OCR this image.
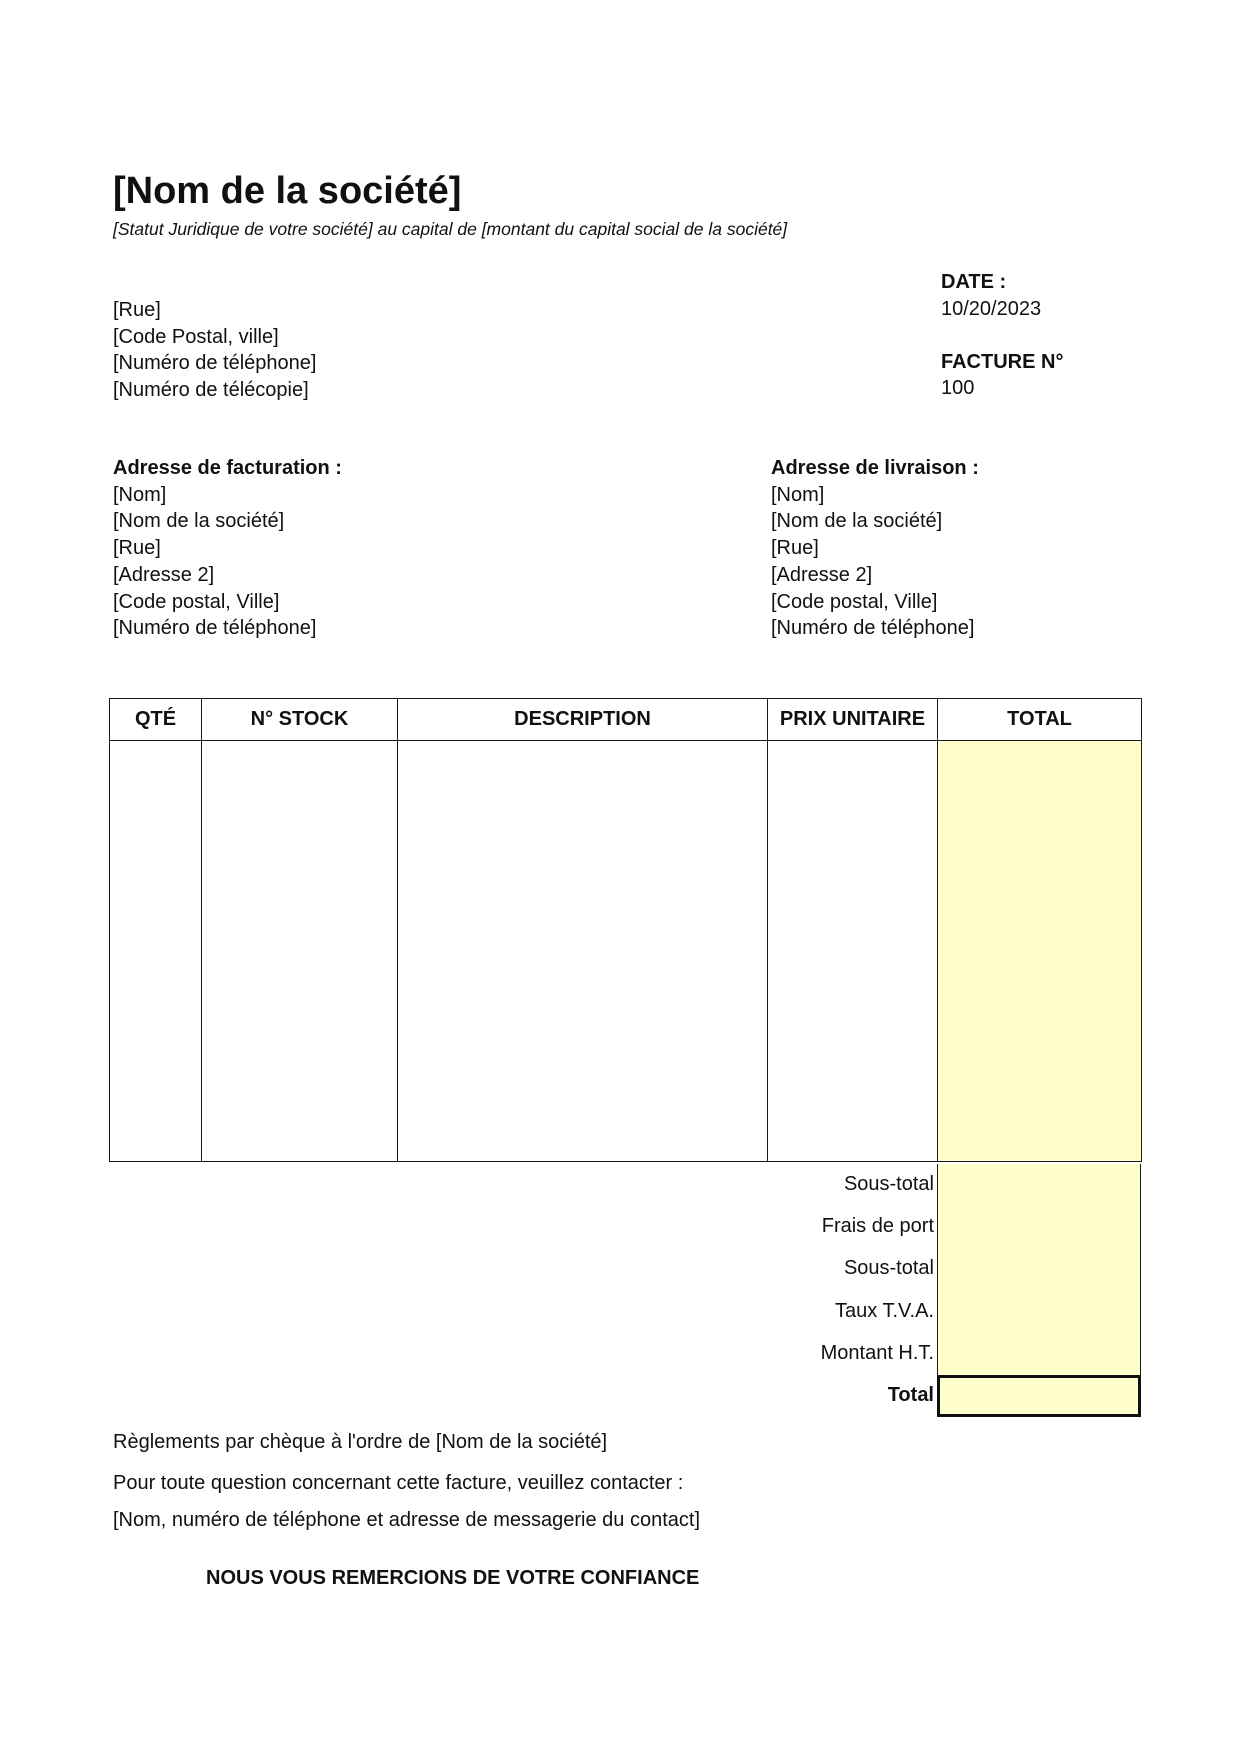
[Nom de la société]
[Statut Juridique de votre société] au capital de [montant du capital social de la société]
[Rue]
[Code Postal, ville]
[Numéro de téléphone]
[Numéro de télécopie]
DATE :
10/20/2023
FACTURE N°
100
Adresse de facturation :
[Nom]
[Nom de la société]
[Rue]
[Adresse 2]
[Code postal, Ville]
[Numéro de téléphone]
Adresse de livraison :
[Nom]
[Nom de la société]
[Rue]
[Adresse 2]
[Code postal, Ville]
[Numéro de téléphone]
QTÉ	N° STOCK	DESCRIPTION	PRIX UNITAIRE	TOTAL

Sous-total
Frais de port
Sous-total
Taux T.V.A.
Montant H.T.
Total
Règlements par chèque à l'ordre de [Nom de la société]
Pour toute question concernant cette facture, veuillez contacter :
[Nom, numéro de téléphone et adresse de messagerie du contact]
NOUS VOUS REMERCIONS DE VOTRE CONFIANCE
